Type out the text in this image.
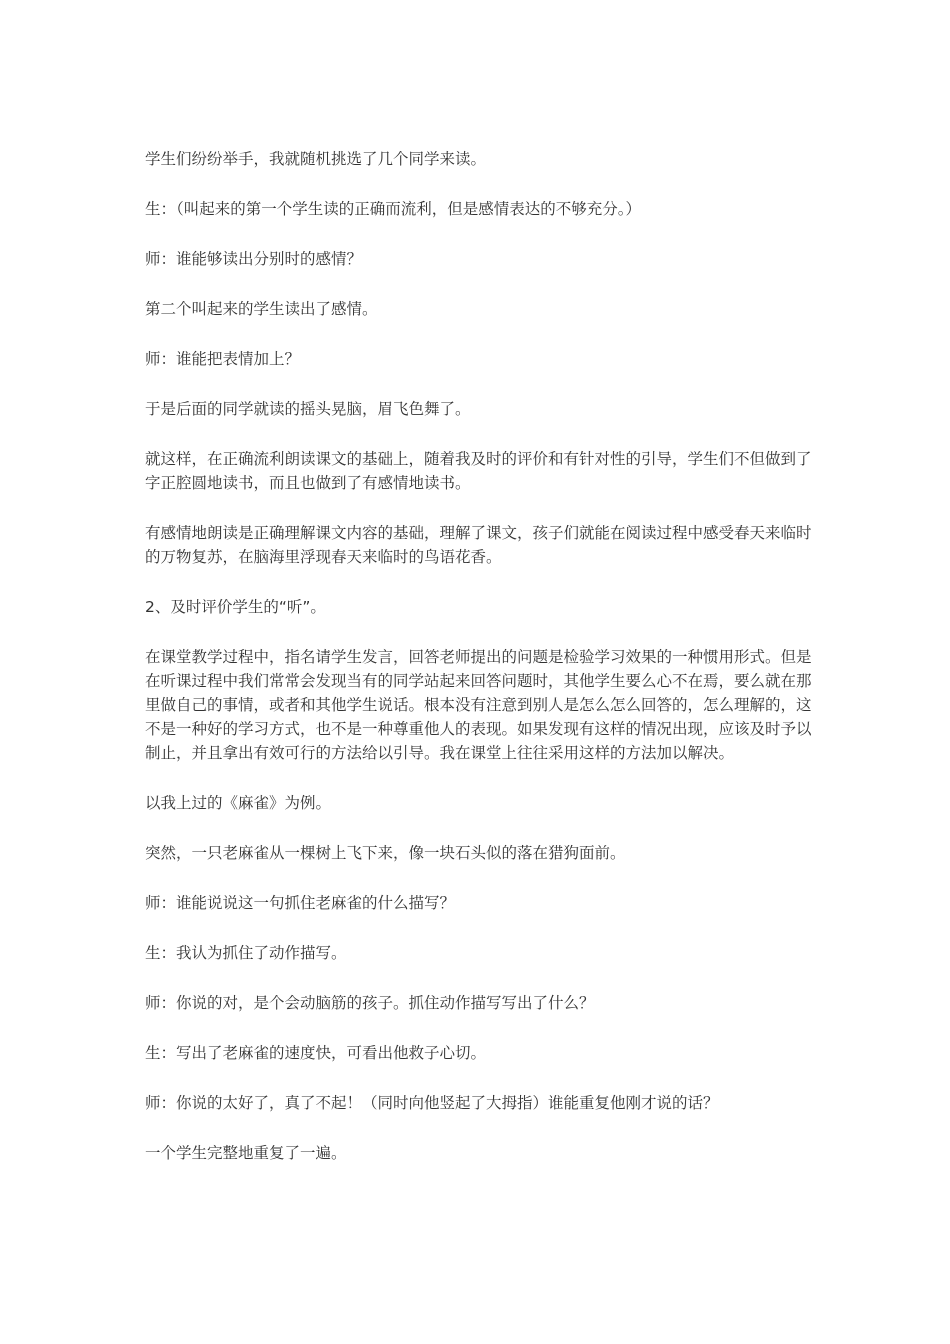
学生们纷纷举手，我就随机挑选了几个同学来读。

生：（叫起来的第一个学生读的正确而流利，但是感情表达的不够充分。）

师：谁能够读出分别时的感情？

第二个叫起来的学生读出了感情。

师：谁能把表情加上？

于是后面的同学就读的摇头晃脑，眉飞色舞了。

就这样，在正确流利朗读课文的基础上，随着我及时的评价和有针对性的引导，学生们不但做到了字正腔圆地读书，而且也做到了有感情地读书。

有感情地朗读是正确理解课文内容的基础，理解了课文，孩子们就能在阅读过程中感受春天来临时的万物复苏，在脑海里浮现春天来临时的鸟语花香。

2、及时评价学生的“听”。

在课堂教学过程中，指名请学生发言，回答老师提出的问题是检验学习效果的一种惯用形式。但是在听课过程中我们常常会发现当有的同学站起来回答问题时，其他学生要么心不在焉，要么就在那里做自己的事情，或者和其他学生说话。根本没有注意到别人是怎么怎么回答的，怎么理解的，这不是一种好的学习方式，也不是一种尊重他人的表现。如果发现有这样的情况出现，应该及时予以制止，并且拿出有效可行的方法给以引导。我在课堂上往往采用这样的方法加以解决。

以我上过的《麻雀》为例。

突然，一只老麻雀从一棵树上飞下来，像一块石头似的落在猎狗面前。

师：谁能说说这一句抓住老麻雀的什么描写？

生：我认为抓住了动作描写。

师：你说的对，是个会动脑筋的孩子。抓住动作描写写出了什么？

生：写出了老麻雀的速度快，可看出他救子心切。

师：你说的太好了，真了不起！（同时向他竖起了大拇指）谁能重复他刚才说的话？

一个学生完整地重复了一遍。
